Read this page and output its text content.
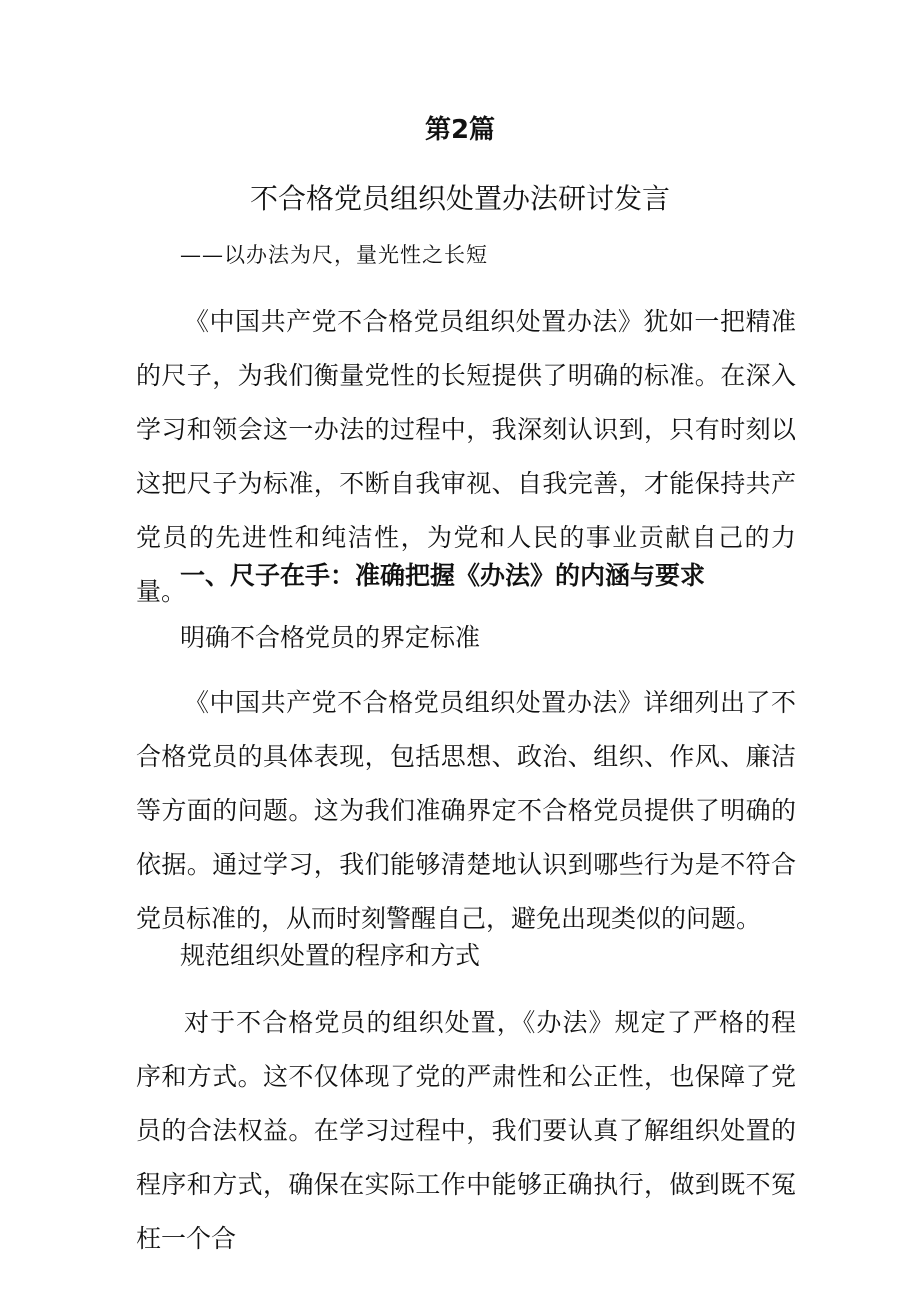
第2篇
不合格党员组织处置办法研讨发言
——以办法为尺，量光性之长短

《中国共产党不合格党员组织处置办法》犹如一把精准的尺子，为我们衡量党性的长短提供了明确的标准。在深入学习和领会这一办法的过程中，我深刻认识到，只有时刻以这把尺子为标准，不断自我审视、自我完善，才能保持共产党员的先进性和纯洁性，为党和人民的事业贡献自己的力量。

一、尺子在手：准确把握《办法》的内涵与要求
明确不合格党员的界定标准

《中国共产党不合格党员组织处置办法》详细列出了不合格党员的具体表现，包括思想、政治、组织、作风、廉洁等方面的问题。这为我们准确界定不合格党员提供了明确的依据。通过学习，我们能够清楚地认识到哪些行为是不符合党员标准的，从而时刻警醒自己，避免出现类似的问题。

规范组织处置的程序和方式

对于不合格党员的组织处置，《办法》规定了严格的程序和方式。这不仅体现了党的严肃性和公正性，也保障了党员的合法权益。在学习过程中，我们要认真了解组织处置的程序和方式，确保在实际工作中能够正确执行，做到既不冤枉一个合
